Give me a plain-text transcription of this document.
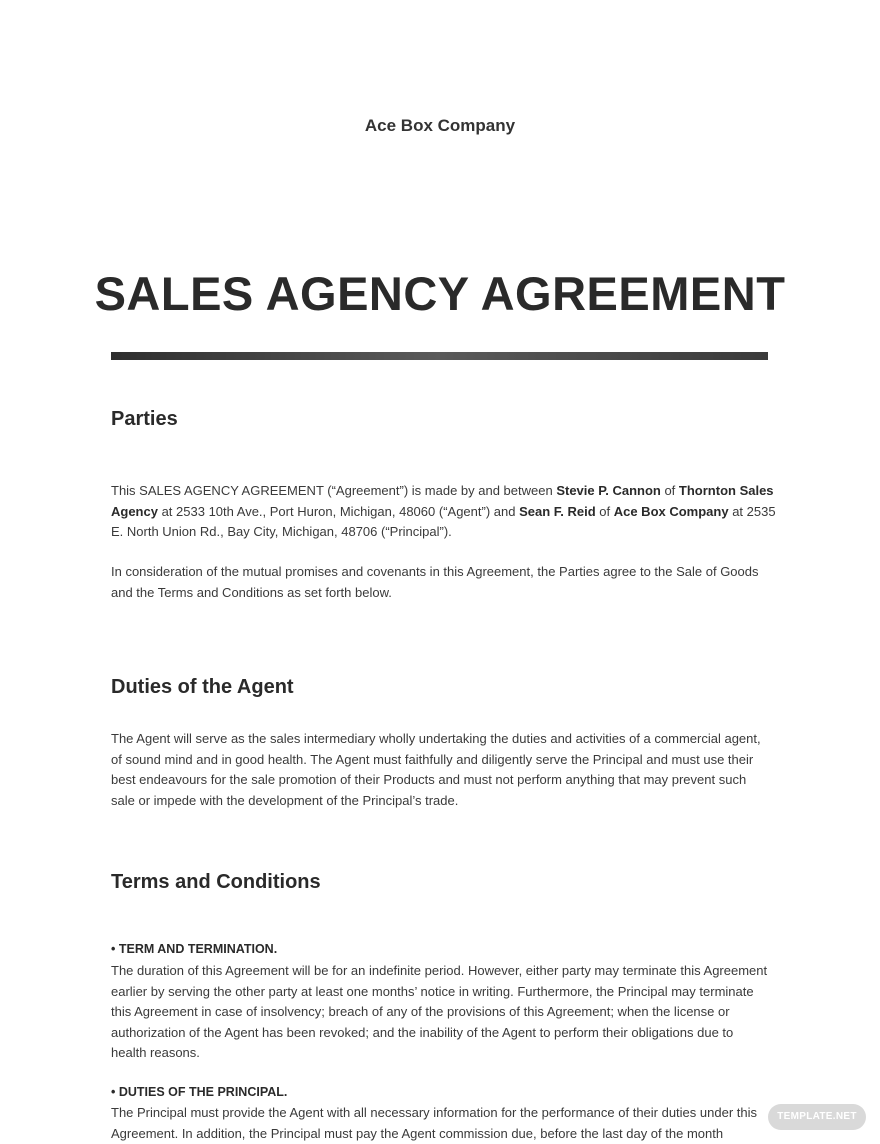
Ace Box Company
SALES AGENCY AGREEMENT
Parties

This SALES AGENCY AGREEMENT (“Agreement”) is made by and between Stevie P. Cannon of Thornton Sales Agency at 2533 10th Ave., Port Huron, Michigan, 48060 (“Agent”) and Sean F. Reid of Ace Box Company at 2535 E. North Union Rd., Bay City, Michigan, 48706 (“Principal”).

In consideration of the mutual promises and covenants in this Agreement, the Parties agree to the Sale of Goods and the Terms and Conditions as set forth below.

Duties of the Agent

The Agent will serve as the sales intermediary wholly undertaking the duties and activities of a commercial agent, of sound mind and in good health. The Agent must faithfully and diligently serve the Principal and must use their best endeavours for the sale promotion of their Products and must not perform anything that may prevent such sale or impede with the development of the Principal’s trade.

Terms and Conditions

• TERM AND TERMINATION.

The duration of this Agreement will be for an indefinite period. However, either party may terminate this Agreement earlier by serving the other party at least one months’ notice in writing. Furthermore, the Principal may terminate this Agreement in case of insolvency; breach of any of the provisions of this Agreement; when the license or authorization of the Agent has been revoked; and the inability of the Agent to perform their obligations due to health reasons.

• DUTIES OF THE PRINCIPAL.

The Principal must provide the Agent with all necessary information for the performance of their duties under this Agreement. In addition, the Principal must pay the Agent commission due, before the last day of the month

TEMPLATE.NET
